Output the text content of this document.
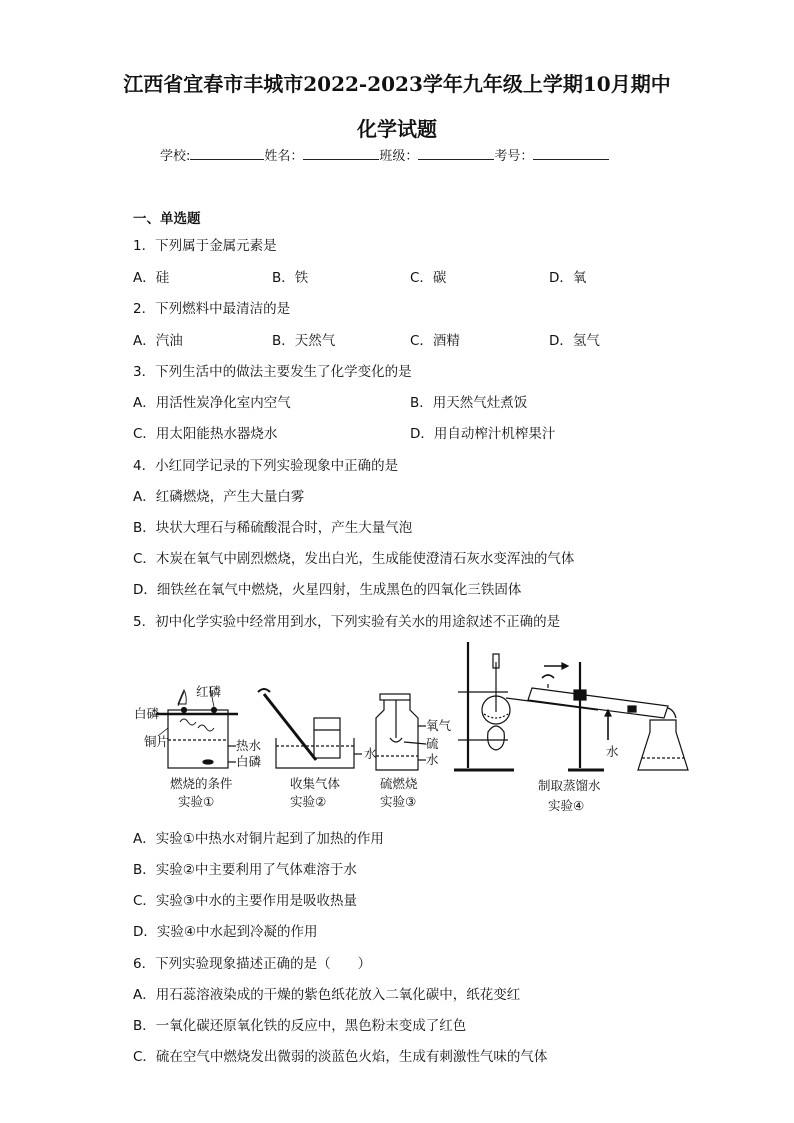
江西省宜春市丰城市2022-2023学年九年级上学期10月期中
化学试题
学校:	姓名：	班级：	考号：
一、单选题
1．下列属于金属元素是
A．硅	B．铁	C．碳	D．氧
2．下列燃料中最清洁的是
A．汽油	B．天然气	C．酒精	D．氢气
3．下列生活中的做法主要发生了化学变化的是
A．用活性炭净化室内空气	B．用天然气灶煮饭
C．用太阳能热水器烧水	D．用自动榨汁机榨果汁
4．小红同学记录的下列实验现象中正确的是
A．红磷燃烧，产生大量白雾
B．块状大理石与稀硫酸混合时，产生大量气泡
C．木炭在氧气中剧烈燃烧，发出白光，生成能使澄清石灰水变浑浊的气体
D．细铁丝在氧气中燃烧，火星四射，生成黑色的四氧化三铁固体
5．初中化学实验中经常用到水，下列实验有关水的用途叙述不正确的是
红磷
白磷
铜片	热水
白磷
燃烧的条件
实验①
水
收集气体
实验②
氧气
硫
水
硫燃烧
实验③
水
制取蒸馏水
实验④
A．实验①中热水对铜片起到了加热的作用
B．实验②中主要利用了气体难溶于水
C．实验③中水的主要作用是吸收热量
D．实验④中水起到冷凝的作用
6．下列实验现象描述正确的是（　　）
A．用石蕊溶液染成的干燥的紫色纸花放入二氧化碳中，纸花变红
B．一氧化碳还原氧化铁的反应中，黑色粉末变成了红色
C．硫在空气中燃烧发出微弱的淡蓝色火焰，生成有刺激性气味的气体
